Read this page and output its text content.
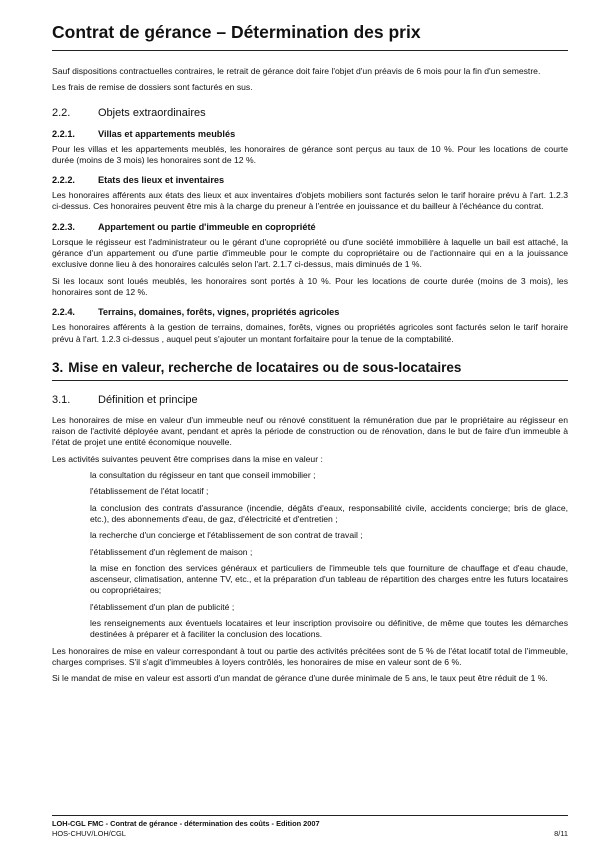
Contrat de gérance – Détermination des prix

Sauf dispositions contractuelles contraires, le retrait de gérance doit faire l'objet d'un préavis de 6 mois pour la fin d'un semestre.

Les frais de remise de dossiers sont facturés en sus.

2.2.	Objets extraordinaires
2.2.1.	Villas et appartements meublés

Pour les villas et les appartements meublés, les honoraires de gérance sont perçus au taux de 10 %. Pour les locations de courte durée (moins de 3 mois) les honoraires sont de 12 %.

2.2.2.	Etats des lieux et inventaires

Les honoraires afférents aux états des lieux et aux inventaires d'objets mobiliers sont facturés selon le tarif horaire prévu à l'art. 1.2.3 ci-dessus. Ces honoraires peuvent être mis à la charge du preneur à l'entrée en jouissance et du bailleur à l'échéance du contrat.

2.2.3.	Appartement ou partie d'immeuble en copropriété

Lorsque le régisseur est l'administrateur ou le gérant d'une copropriété ou d'une société immobilière à laquelle un bail est attaché, la gérance d'un appartement ou d'une partie d'immeuble pour le compte du copropriétaire ou de l'actionnaire qui en a la jouissance exclusive donne lieu à des honoraires calculés selon l'art. 2.1.7 ci-dessus, mais diminués de 1 %.

Si les locaux sont loués meublés, les honoraires sont portés à 10 %. Pour les locations de courte durée (moins de 3 mois), les honoraires sont de 12 %.

2.2.4.	Terrains, domaines, forêts, vignes, propriétés agricoles

Les honoraires afférents à la gestion de terrains, domaines, forêts, vignes ou propriétés agricoles sont facturés selon le tarif horaire prévu à l'art. 1.2.3 ci-dessus , auquel peut s'ajouter un montant forfaitaire pour la tenue de la comptabilité.

3. Mise en valeur, recherche de locataires ou de sous-locataires
3.1.	Définition et principe

Les honoraires de mise en valeur d'un immeuble neuf ou rénové constituent la rémunération due par le propriétaire au régisseur en raison de l'activité déployée avant, pendant et après la période de construction ou de rénovation, dans le but de faire d'un immeuble à l'état de projet une entité économique nouvelle.

Les activités suivantes peuvent être comprises dans la mise en valeur :

la consultation du régisseur en tant que conseil immobilier ;
l'établissement de l'état locatif ;
la conclusion des contrats d'assurance (incendie, dégâts d'eaux, responsabilité civile, accidents concierge; bris de glace, etc.), des abonnements d'eau, de gaz, d'électricité et d'entretien ;
la recherche d'un concierge et l'établissement de son contrat de travail ;
l'établissement d'un règlement de maison ;
la mise en fonction des services généraux et particuliers de l'immeuble tels que fourniture de chauffage et d'eau chaude, ascenseur, climatisation, antenne TV, etc., et la préparation d'un tableau de répartition des charges entre les futurs locataires ou copropriétaires;
l'établissement d'un plan de publicité ;
les renseignements aux éventuels locataires et leur inscription provisoire ou définitive, de même que toutes les démarches destinées à préparer et à faciliter la conclusion des locations.

Les honoraires de mise en valeur correspondant à tout ou partie des activités précitées sont de 5 % de l'état locatif total de l'immeuble, charges comprises. S'il s'agit d'immeubles à loyers contrôlés, les honoraires de mise en valeur sont de 6 %.

Si le mandat de mise en valeur est assorti d'un mandat de gérance d'une durée minimale de 5 ans, le taux peut être réduit de 1 %.

LOH-CGL FMC - Contrat de gérance - détermination des coûts - Edition 2007
HOS-CHUV/LOH/CGL	8/11
